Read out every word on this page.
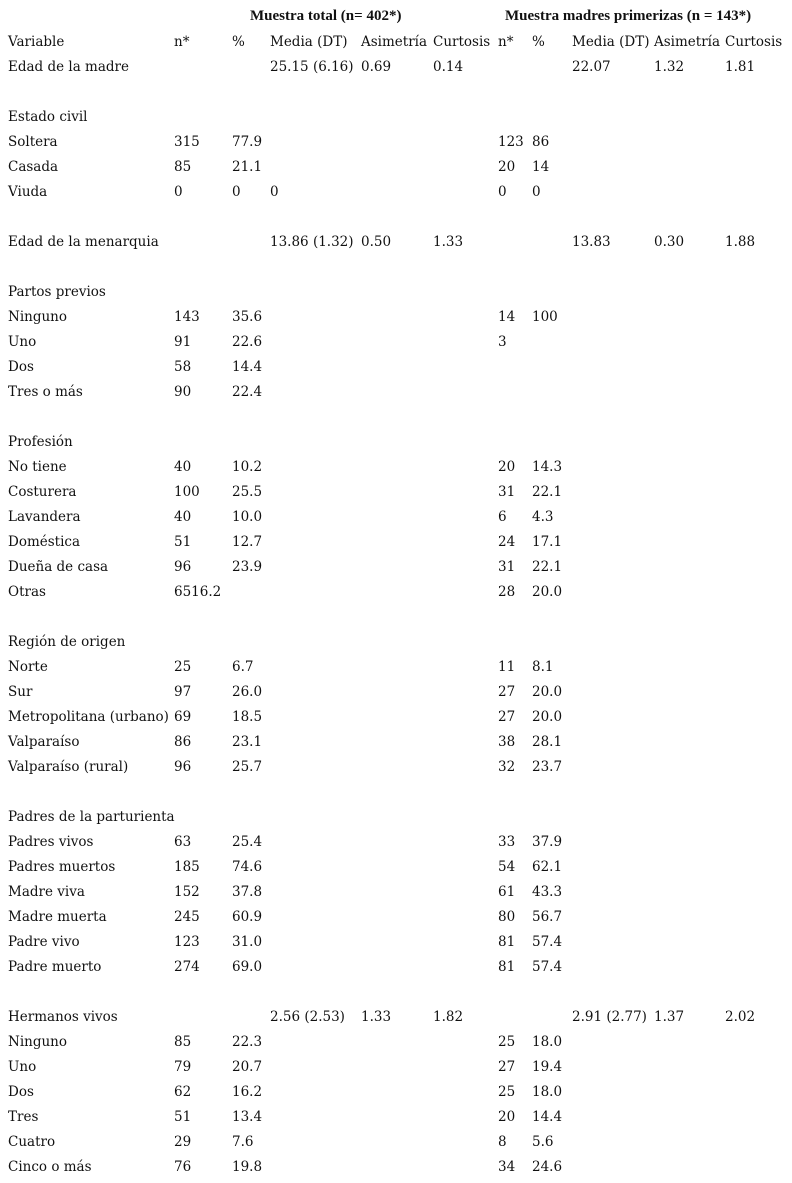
Muestra total (n= 402*)	Muestra madres primerizas (n = 143*)
Variable	n*	%	Media (DT)	Asimetría	Curtosis	n*	%	Media (DT)	Asimetría	Curtosis
Edad de la madre			25.15 (6.16)	0.69	0.14			22.07	1.32	1.81

Estado civil										
Soltera	315	77.9				123	86			
Casada	85	21.1				20	14			
Viuda	0	0	0			0	0			

Edad de la menarquia			13.86 (1.32)	0.50	1.33			13.83	0.30	1.88

Partos previos										
Ninguno	143	35.6				14	100			
Uno	91	22.6				3				
Dos	58	14.4								
Tres o más	90	22.4								

Profesión										
No tiene	40	10.2				20	14.3			
Costurera	100	25.5				31	22.1			
Lavandera	40	10.0				6	4.3			
Doméstica	51	12.7				24	17.1			
Dueña de casa	96	23.9				31	22.1			
Otras	6516.2					28	20.0			

Región de origen										
Norte	25	6.7				11	8.1			
Sur	97	26.0				27	20.0			
Metropolitana (urbano)	69	18.5				27	20.0			
Valparaíso	86	23.1				38	28.1			
Valparaíso (rural)	96	25.7				32	23.7			

Padres de la parturienta										
Padres vivos	63	25.4				33	37.9			
Padres muertos	185	74.6				54	62.1			
Madre viva	152	37.8				61	43.3			
Madre muerta	245	60.9				80	56.7			
Padre vivo	123	31.0				81	57.4			
Padre muerto	274	69.0				81	57.4			

Hermanos vivos			2.56 (2.53)	1.33	1.82			2.91 (2.77)	1.37	2.02
Ninguno	85	22.3				25	18.0			
Uno	79	20.7				27	19.4			
Dos	62	16.2				25	18.0			
Tres	51	13.4				20	14.4			
Cuatro	29	7.6				8	5.6			
Cinco o más	76	19.8				34	24.6			
